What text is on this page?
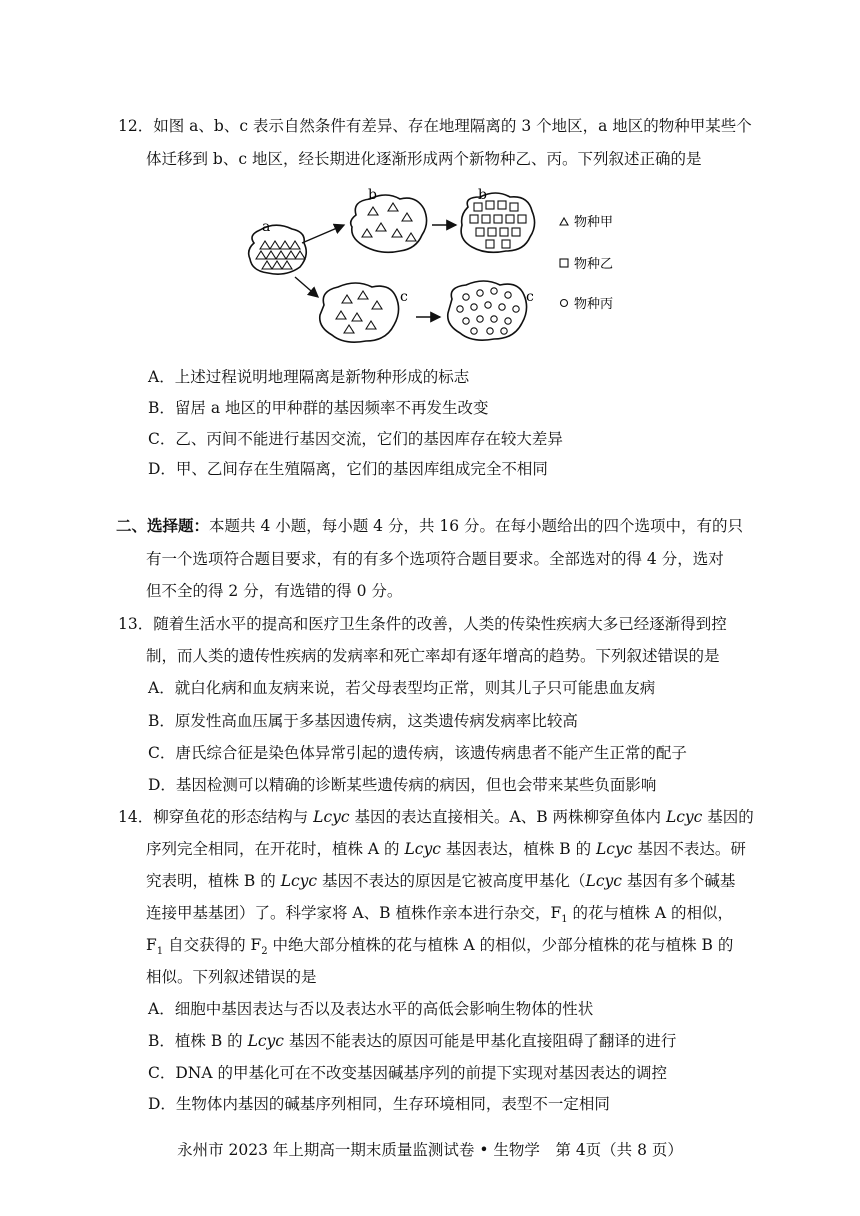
12．如图 a、b、c 表示自然条件有差异、存在地理隔离的 3 个地区，a 地区的物种甲某些个
体迁移到 b、c 地区，经长期进化逐渐形成两个新物种乙、丙。下列叙述正确的是
a
b	b
c	c
物种甲
物种乙
物种丙
A．上述过程说明地理隔离是新物种形成的标志
B．留居 a 地区的甲种群的基因频率不再发生改变
C．乙、丙间不能进行基因交流，它们的基因库存在较大差异
D．甲、乙间存在生殖隔离，它们的基因库组成完全不相同
二、选择题：本题共 4 小题，每小题 4 分，共 16 分。在每小题给出的四个选项中，有的只
有一个选项符合题目要求，有的有多个选项符合题目要求。全部选对的得 4 分，选对
但不全的得 2 分，有选错的得 0 分。
13．随着生活水平的提高和医疗卫生条件的改善，人类的传染性疾病大多已经逐渐得到控
制，而人类的遗传性疾病的发病率和死亡率却有逐年增高的趋势。下列叙述错误的是
A．就白化病和血友病来说，若父母表型均正常，则其儿子只可能患血友病
B．原发性高血压属于多基因遗传病，这类遗传病发病率比较高
C．唐氏综合征是染色体异常引起的遗传病，该遗传病患者不能产生正常的配子
D．基因检测可以精确的诊断某些遗传病的病因，但也会带来某些负面影响
14．柳穿鱼花的形态结构与 Lcyc 基因的表达直接相关。A、B 两株柳穿鱼体内 Lcyc 基因的
序列完全相同，在开花时，植株 A 的 Lcyc 基因表达，植株 B 的 Lcyc 基因不表达。研
究表明，植株 B 的 Lcyc 基因不表达的原因是它被高度甲基化（Lcyc 基因有多个碱基
连接甲基基团）了。科学家将 A、B 植株作亲本进行杂交，$F_1$ 的花与植株 A 的相似，
$F_1$ 自交获得的 $F_2$ 中绝大部分植株的花与植株 A 的相似，少部分植株的花与植株 B 的
相似。下列叙述错误的是
A．细胞中基因表达与否以及表达水平的高低会影响生物体的性状
B．植株 B 的 Lcyc 基因不能表达的原因可能是甲基化直接阻碍了翻译的进行
C．DNA 的甲基化可在不改变基因碱基序列的前提下实现对基因表达的调控
D．生物体内基因的碱基序列相同，生存环境相同，表型不一定相同
永州市 2023 年上期高一期末质量监测试卷 • 生物学　第 4页（共 8 页）
